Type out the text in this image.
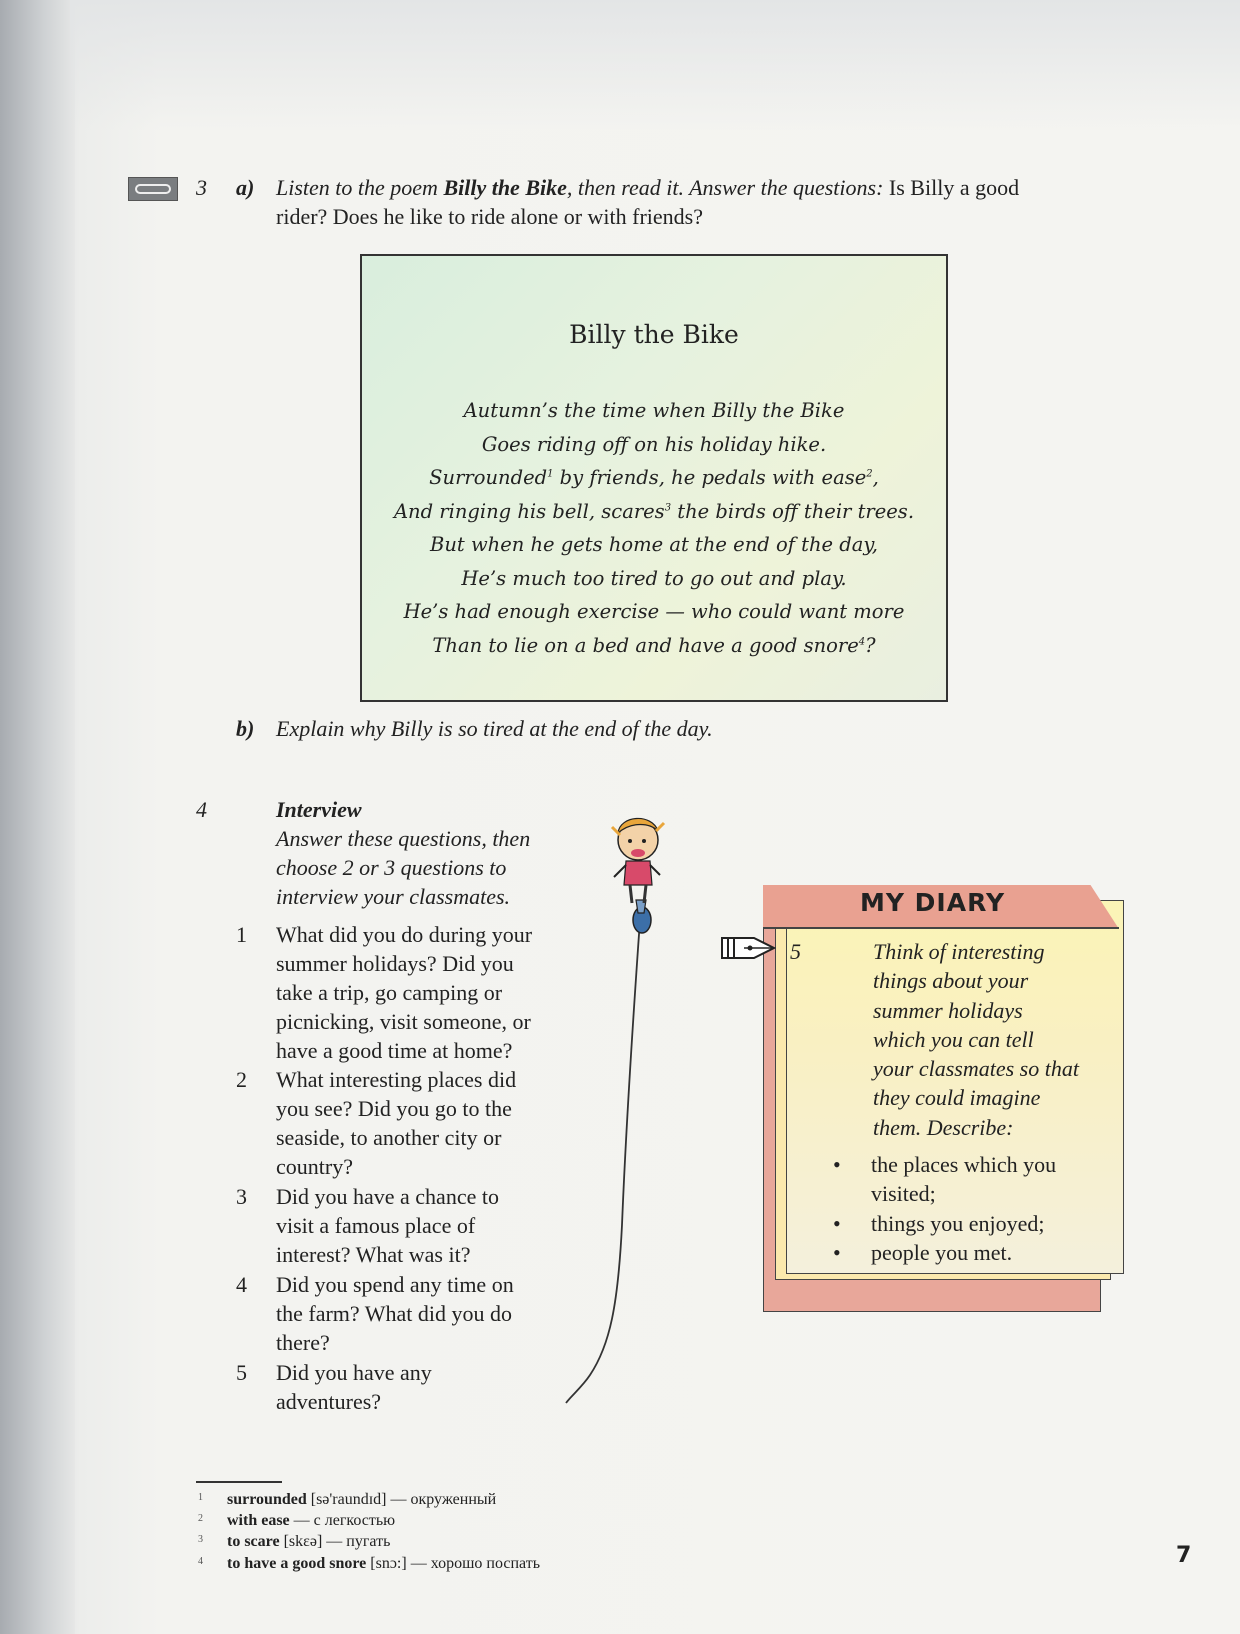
3 a) Listen to the poem Billy the Bike, then read it. Answer the questions: Is Billy a good
rider? Does he like to ride alone or with friends?
Billy the Bike
Autumn’s the time when Billy the Bike
Goes riding off on his holiday hike.
Surrounded$^1$ by friends, he pedals with ease$^2$,
And ringing his bell, scares$^3$ the birds off their trees.
But when he gets home at the end of the day,
He’s much too tired to go out and play.
He’s had enough exercise — who could want more
Than to lie on a bed and have a good snore$^4$?
b) Explain why Billy is so tired at the end of the day.
4	Interview
Answer these questions, then
choose 2 or 3 questions to
interview your classmates.
1 What did you do during your
summer holidays? Did you
take a trip, go camping or
picnicking, visit someone, or
have a good time at home?
2 What interesting places did
you see? Did you go to the
seaside, to another city or
country?
3 Did you have a chance to
visit a famous place of
interest? What was it?
4 Did you spend any time on
the farm? What did you do
there?
5 Did you have any
adventures?
MY DIARY
5	Think of interesting
things about your
summer holidays
which you can tell
your classmates so that
they could imagine
them. Describe:
• the places which you
visited;
• things you enjoyed;
• people you met.
1 surrounded [sə'raundɪd] — окруженный
2 with ease — с легкостью
3 to scare [skɛə] — пугать
4 to have a good snore [snɔ:] — хорошо поспать	7
